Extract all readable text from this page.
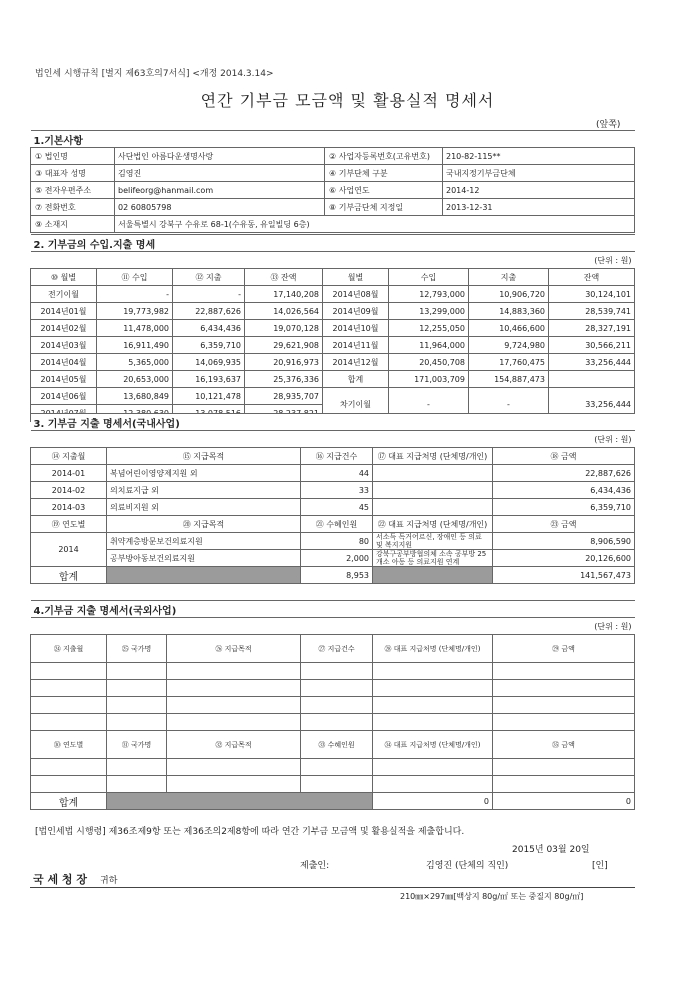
법인세 시행규칙 [별지 제63호의7서식] <개정 2014.3.14>
연간 기부금 모금액 및 활용실적 명세서
(앞쪽)
1.기본사항			
① 법인명	사단법인 아름다운생명사랑	② 사업자등록번호(고유번호)	210-82-115**
③ 대표자 성명	김영진	④ 기부단체 구분	국내지정기부금단체
⑤ 전자우편주소	belifeorg@hanmail.com	⑥ 사업연도	2014-12
⑦ 전화번호	02 60805798	⑧ 기부금단체 지정일	2013-12-31
⑨ 소재지	서울특별시 강북구 수유로 68-1(수유동, 유일빌딩 6층)		
2. 기부금의 수입.지출 명세							
(단위 : 원)							
⑩ 월별	⑪ 수입	⑫ 지출	⑬ 잔액	월별	수입	지출	잔액
전기이월	-	-	17,140,208	2014년08월	12,793,000	10,906,720	30,124,101
2014년01월	19,773,982	22,887,626	14,026,564	2014년09월	13,299,000	14,883,360	28,539,741
2014년02월	11,478,000	6,434,436	19,070,128	2014년10월	12,255,050	10,466,600	28,327,191
2014년03월	16,911,490	6,359,710	29,621,908	2014년11월	11,964,000	9,724,980	30,566,211
2014년04월	5,365,000	14,069,935	20,916,973	2014년12월	20,450,708	17,760,475	33,256,444
2014년05월	20,653,000	16,193,637	25,376,336	합계	171,003,709	154,887,473	
2014년06월	13,680,849	10,121,478	28,935,707	차기이월	-	-	33,256,444

3. 기부금 지출 명세서(국내사업)				
(단위 : 원)				
⑭ 지출월	⑮ 지급목적	⑯ 지급건수	⑰ 대표 지급처명 (단체명/개인)	⑱ 금액
2014-01	복념어린이영양제지원 외	44		22,887,626
2014-02	의치료지급 외	33		6,434,436
2014-03	의료비지원 외	45		6,359,710
⑲ 연도별	⑳ 지급목적	㉑ 수혜인원	㉒ 대표 지급처명 (단체명/개인)	㉓ 금액
2014	취약계층방문보건의료지원	80	서소득 독거어르신, 장애인 등 의료 및 복지지원	8,906,590
	공부방아동보건의료지원	2,000	강북구공부방협의체 소속 공부방 25개소 아동 등 의료지원 연계	20,126,600
합계		8,953		141,567,473
4.기부금 지출 명세서(국외사업)					
(단위 : 원)					
㉔ 지출월	㉕ 국가명	㉖ 지급목적	㉗ 지급건수	㉘ 대표 지급처명 (단체명/개인)	㉙ 금액

㉚ 연도별	㉛ 국가명	㉜ 지급목적	㉝ 수혜인원	㉞ 대표 지급처명 (단체명/개인)	㉟ 금액

합계				0	0
[법인세법 시행령] 제36조제9항 또는 제36조의2제8항에 따라 연간 기부금 모금액 및 활용실적을 제출합니다.
2015년 03월 20일
제출인:	김영진 (단체의 직인)	[인]
국 세 청 장 귀하
210㎜×297㎜[백상지 80g/㎡ 또는 중질지 80g/㎡]
